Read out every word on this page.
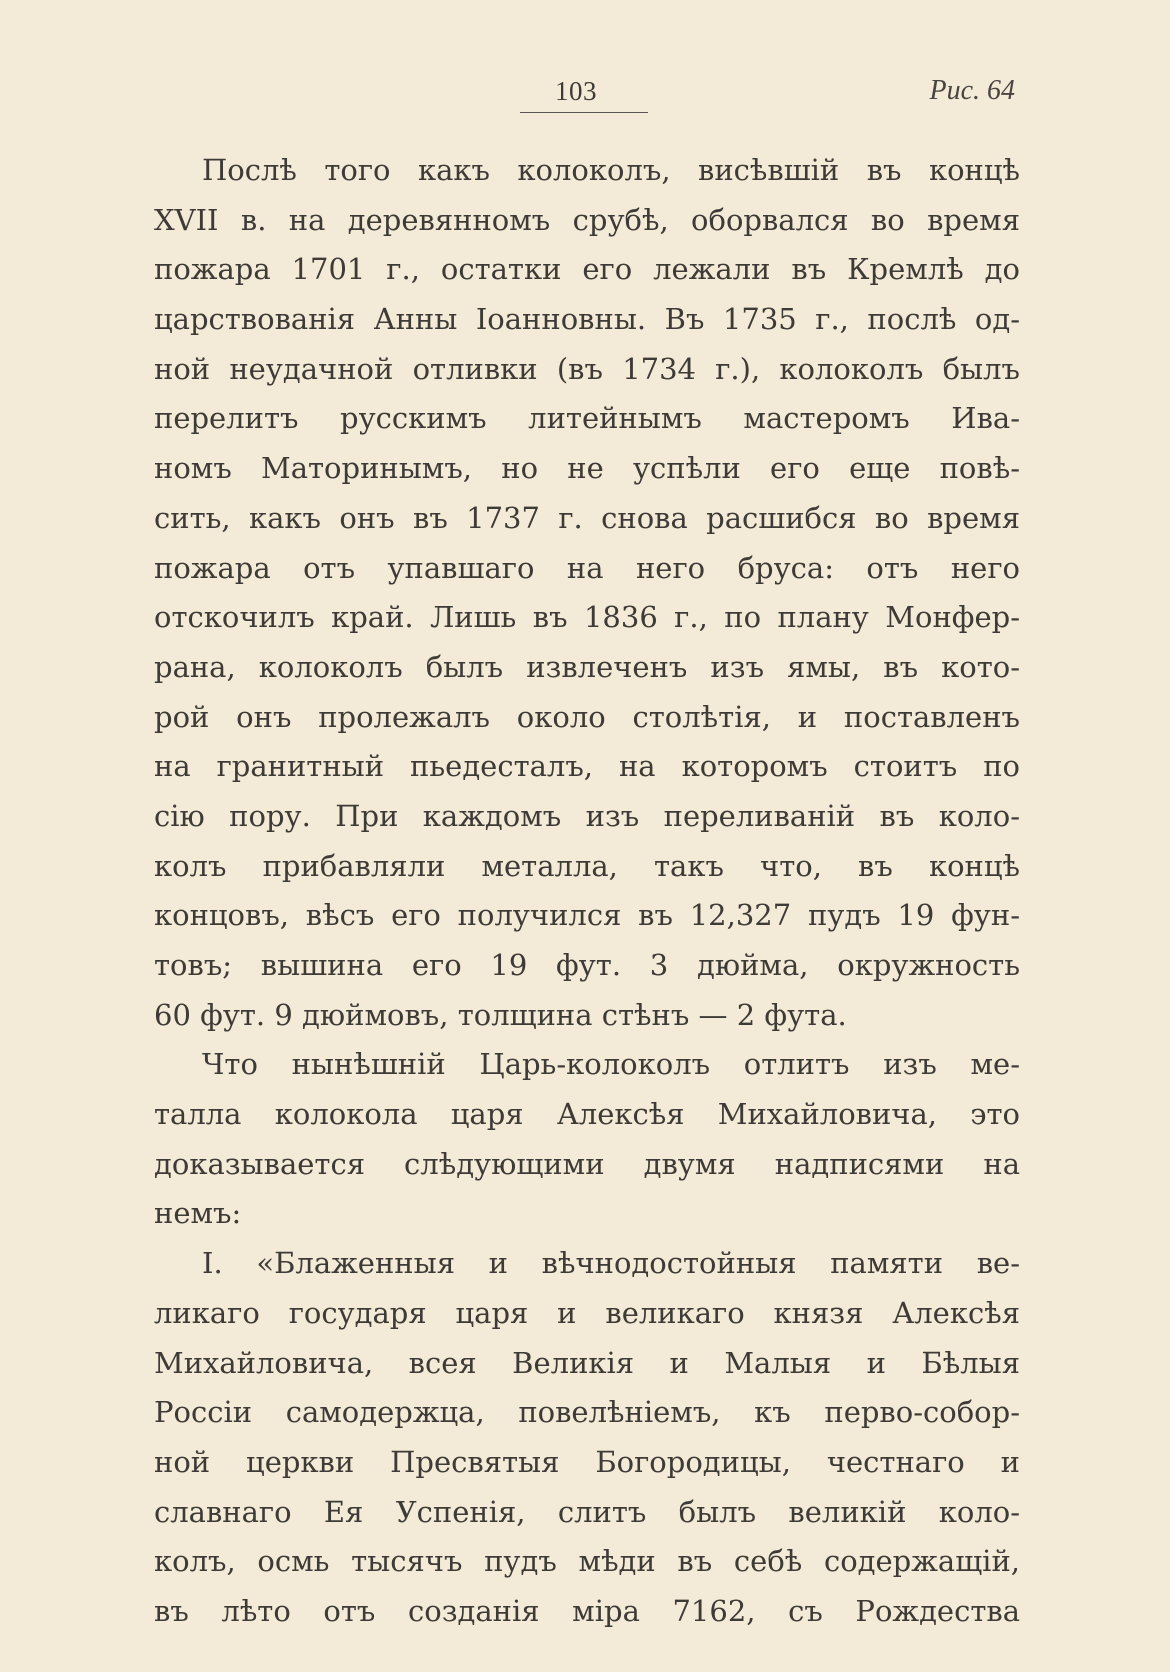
103	Рис. 64
Послѣ того какъ колоколъ, висѣвшій въ концѣ
XVII в. на деревянномъ срубѣ, оборвался во время
пожара 1701 г., остатки его лежали въ Кремлѣ до
царствованія Анны Іоанновны. Въ 1735 г., послѣ од-
ной неудачной отливки (въ 1734 г.), колоколъ былъ
перелитъ русскимъ литейнымъ мастеромъ Ива-
номъ Маторинымъ, но не успѣли его еще повѣ-
сить, какъ онъ въ 1737 г. снова расшибся во время
пожара отъ упавшаго на него бруса: отъ него
отскочилъ край. Лишь въ 1836 г., по плану Монфер-
рана, колоколъ былъ извлеченъ изъ ямы, въ кото-
рой онъ пролежалъ около столѣтія, и поставленъ
на гранитный пьедесталъ, на которомъ стоитъ по
сію пору. При каждомъ изъ переливаній въ коло-
колъ прибавляли металла, такъ что, въ концѣ
концовъ, вѣсъ его получился въ 12,327 пудъ 19 фун-
товъ; вышина его 19 фут. 3 дюйма, окружность
60 фут. 9 дюймовъ, толщина стѣнъ — 2 фута.
Что нынѣшній Царь-колоколъ отлитъ изъ ме-
талла колокола царя Алексѣя Михайловича, это
доказывается слѣдующими двумя надписями на
немъ:
I. «Блаженныя и вѣчнодостойныя памяти ве-
ликаго государя царя и великаго князя Алексѣя
Михайловича, всея Великія и Малыя и Бѣлыя
Россіи самодержца, повелѣніемъ, къ перво-собор-
ной церкви Пресвятыя Богородицы, честнаго и
славнаго Ея Успенія, слитъ былъ великій коло-
колъ, осмь тысячъ пудъ мѣди въ себѣ содержащій,
въ лѣто отъ созданія міра 7162, съ Рождества
